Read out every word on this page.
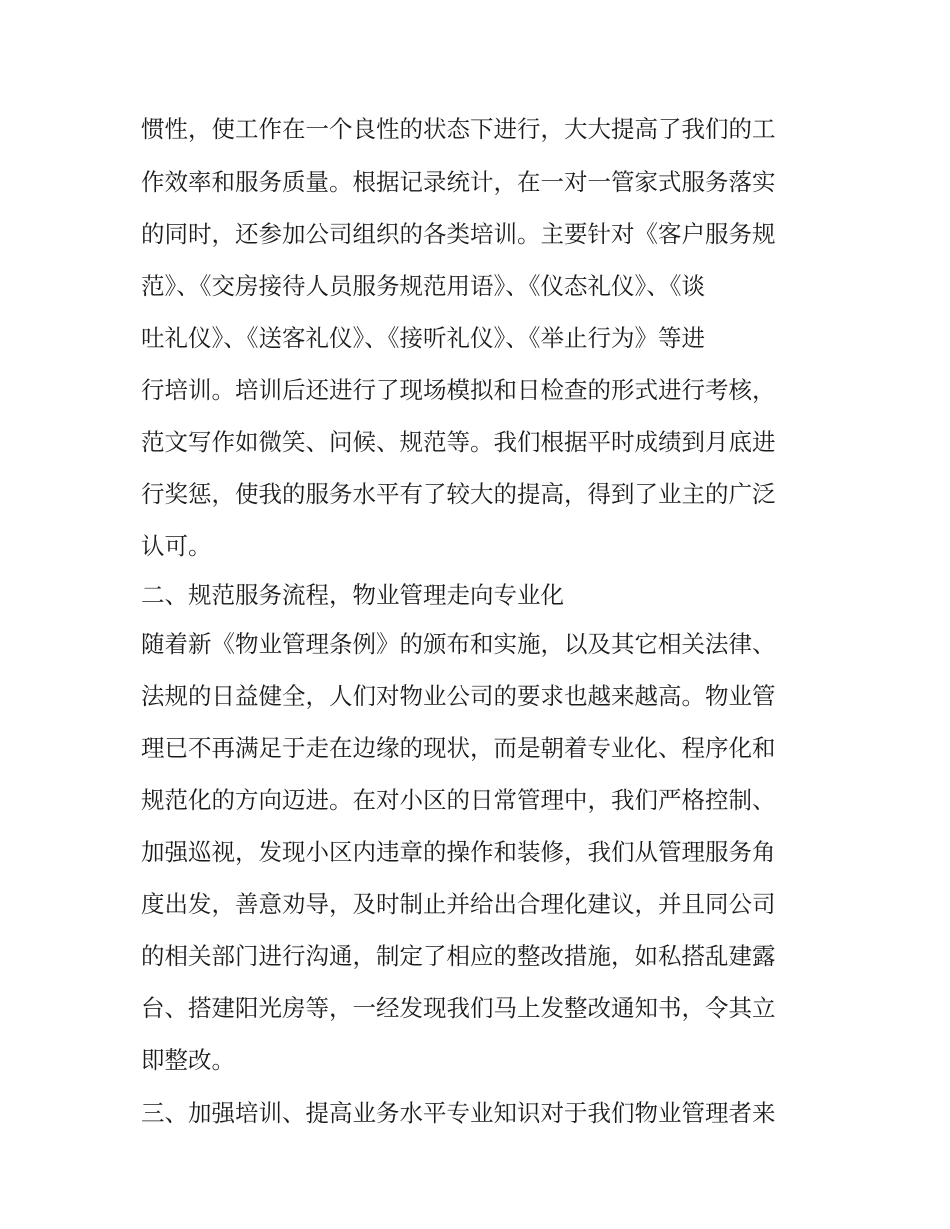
惯性，使工作在一个良性的状态下进行，大大提高了我们的工
作效率和服务质量。根据记录统计，在一对一管家式服务落实
的同时，还参加公司组织的各类培训。主要针对《客户服务规
范》、《交房接待人员服务规范用语》、《仪态礼仪》、《谈
吐礼仪》、《送客礼仪》、《接听礼仪》、《举止行为》等进
行培训。培训后还进行了现场模拟和日检查的形式进行考核，
范文写作如微笑、问候、规范等。我们根据平时成绩到月底进
行奖惩，使我的服务水平有了较大的提高，得到了业主的广泛
认可。
二、规范服务流程，物业管理走向专业化
随着新《物业管理条例》的颁布和实施，以及其它相关法律、
法规的日益健全，人们对物业公司的要求也越来越高。物业管
理已不再满足于走在边缘的现状，而是朝着专业化、程序化和
规范化的方向迈进。在对小区的日常管理中，我们严格控制、
加强巡视，发现小区内违章的操作和装修，我们从管理服务角
度出发，善意劝导，及时制止并给出合理化建议，并且同公司
的相关部门进行沟通，制定了相应的整改措施，如私搭乱建露
台、搭建阳光房等，一经发现我们马上发整改通知书，令其立
即整改。
三、加强培训、提高业务水平专业知识对于我们物业管理者来
